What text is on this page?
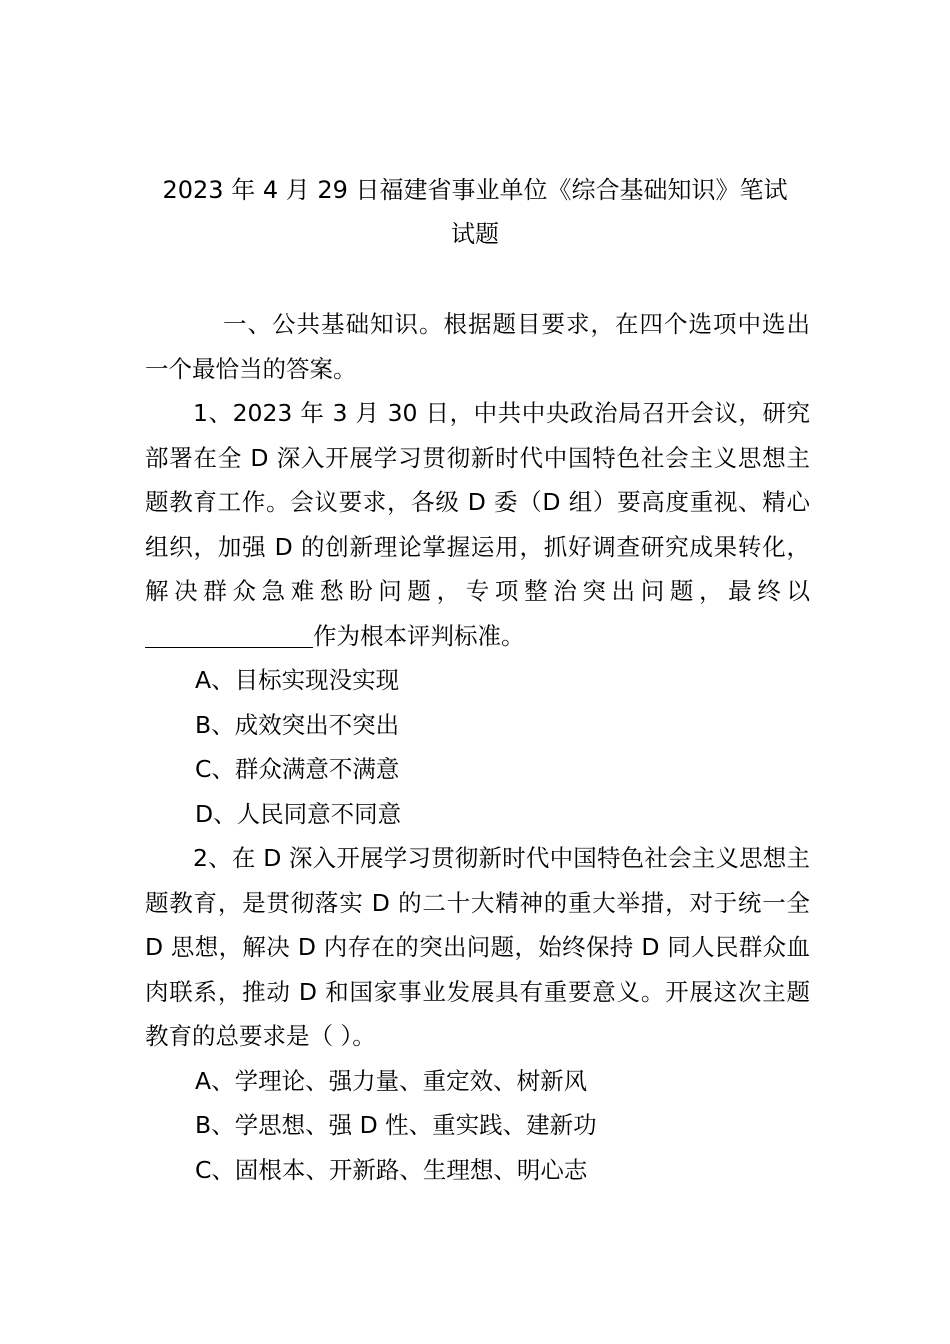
2023 年 4 月 29 日福建省事业单位《综合基础知识》笔试
试题

一、公共基础知识。根据题目要求，在四个选项中选出一个最恰当的答案。

1、2023 年 3 月 30 日，中共中央政治局召开会议，研究部署在全 D 深入开展学习贯彻新时代中国特色社会主义思想主题教育工作。会议要求，各级 D 委（D 组）要高度重视、精心组织，加强 D 的创新理论掌握运用，抓好调查研究成果转化，解决群众急难愁盼问题，专项整治突出问题，最终以作为根本评判标准。

A、目标实现没实现

B、成效突出不突出

C、群众满意不满意

D、人民同意不同意

2、在 D 深入开展学习贯彻新时代中国特色社会主义思想主题教育，是贯彻落实 D 的二十大精神的重大举措，对于统一全 D 思想，解决 D 内存在的突出问题，始终保持 D 同人民群众血肉联系，推动 D 和国家事业发展具有重要意义。开展这次主题教育的总要求是（ ）。

A、学理论、强力量、重定效、树新风

B、学思想、强 D 性、重实践、建新功

C、固根本、开新路、生理想、明心志
